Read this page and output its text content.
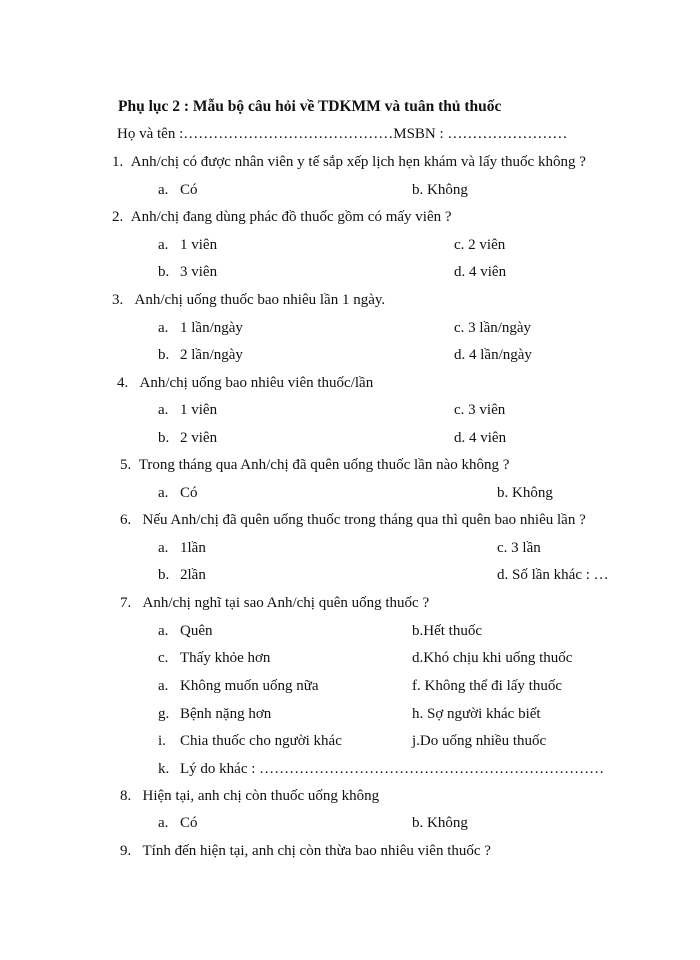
Phụ lục 2 : Mẫu bộ câu hỏi về TDKMM và tuân thủ thuốc
Họ và tên :……………………………………MSBN : ……………………
1. Anh/chị có được nhân viên y tế sắp xếp lịch hẹn khám và lấy thuốc không ?
a. Có	b. Không
2. Anh/chị đang dùng phác đồ thuốc gồm có mấy viên ?
a. 1 viên	c. 2 viên
b. 3 viên	d. 4 viên
3. Anh/chị uống thuốc bao nhiêu lần 1 ngày.
a. 1 lần/ngày	c. 3 lần/ngày
b. 2 lần/ngày	d. 4 lần/ngày
4. Anh/chị uống bao nhiêu viên thuốc/lần
a. 1 viên	c. 3 viên
b. 2 viên	d. 4 viên
5. Trong tháng qua Anh/chị đã quên uống thuốc lần nào không ?
a. Có	b. Không
6. Nếu Anh/chị đã quên uống thuốc trong tháng qua thì quên bao nhiêu lần ?
a. 1lần	c. 3 lần
b. 2lần	d. Số lần khác : …
7. Anh/chị nghĩ tại sao Anh/chị quên uống thuốc ?
a. Quên	b.Hết thuốc
c. Thấy khỏe hơn	d.Khó chịu khi uống thuốc
a. Không muốn uống nữa	f. Không thể đi lấy thuốc
g. Bệnh nặng hơn	h. Sợ người khác biết
i. Chia thuốc cho người khác	j.Do uống nhiều thuốc
k. Lý do khác : ……………………………………………………………
8. Hiện tại, anh chị còn thuốc uống không
a. Có	b. Không
9. Tính đến hiện tại, anh chị còn thừa bao nhiêu viên thuốc ?
